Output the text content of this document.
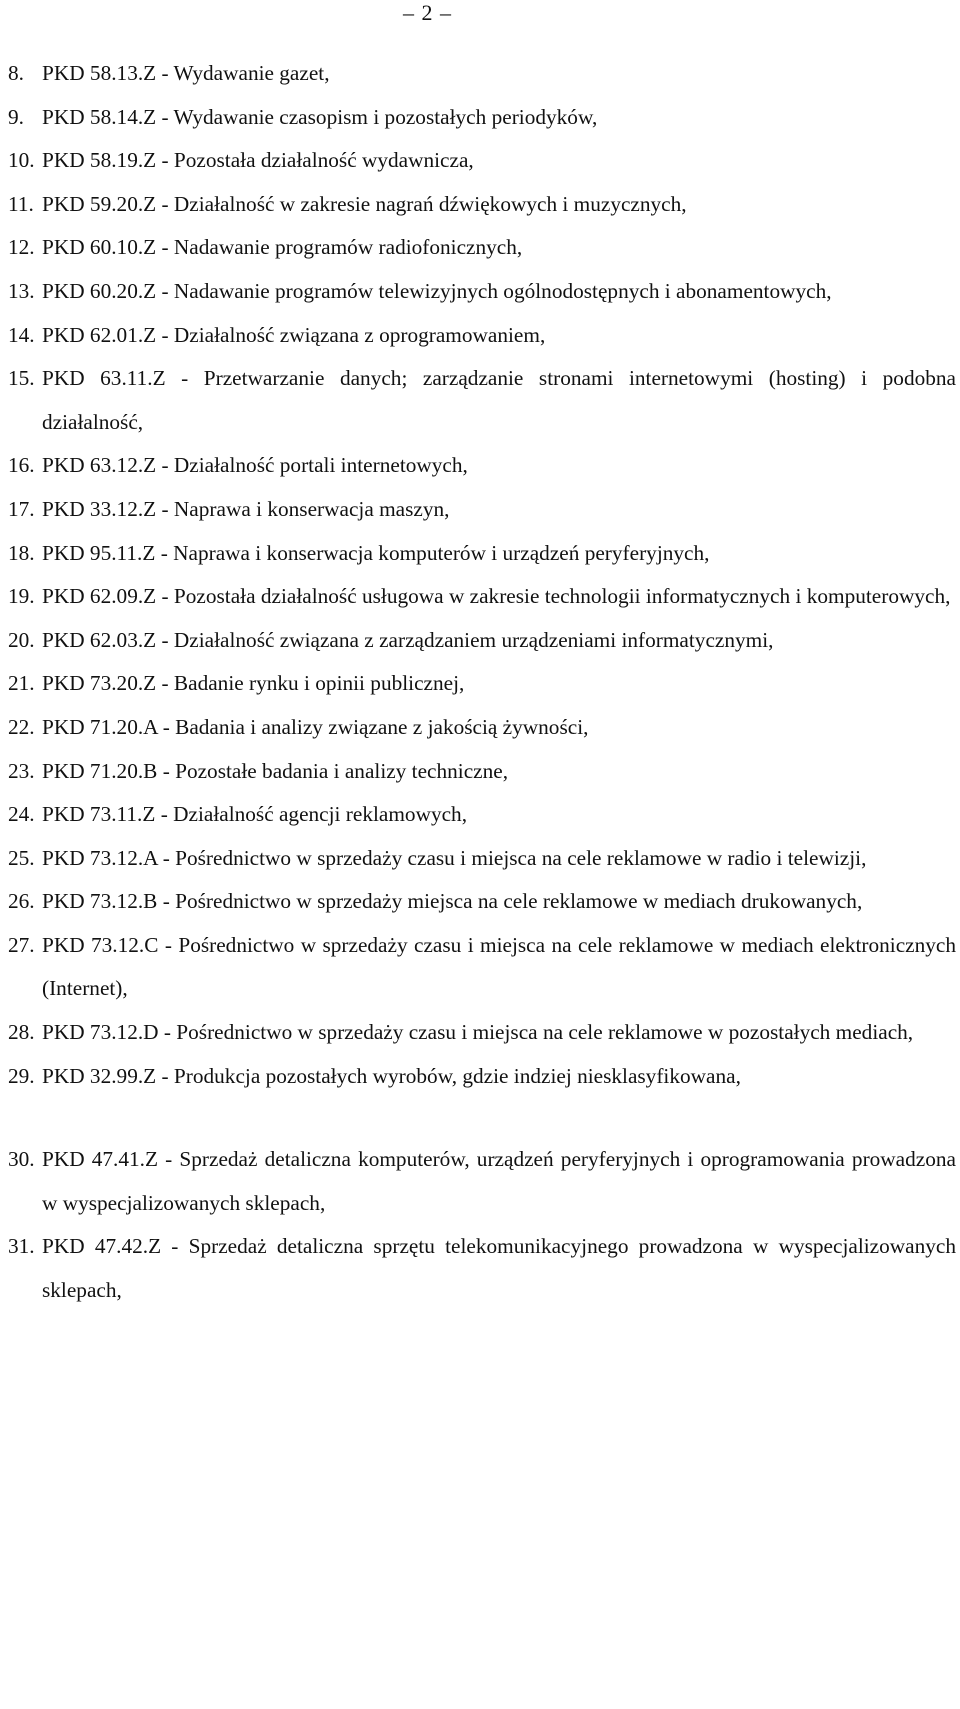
– 2 –
8. PKD 58.13.Z - Wydawanie gazet,
9. PKD 58.14.Z - Wydawanie czasopism i pozostałych periodyków,
10. PKD 58.19.Z - Pozostała działalność wydawnicza,
11. PKD 59.20.Z - Działalność w zakresie nagrań dźwiękowych i muzycznych,
12. PKD 60.10.Z - Nadawanie programów radiofonicznych,
13. PKD 60.20.Z - Nadawanie programów telewizyjnych ogólnodostępnych i abonamentowych,
14. PKD 62.01.Z - Działalność związana z oprogramowaniem,
15. PKD 63.11.Z - Przetwarzanie danych; zarządzanie stronami internetowymi (hosting) i podobna działalność,
16. PKD 63.12.Z - Działalność portali internetowych,
17. PKD 33.12.Z - Naprawa i konserwacja maszyn,
18. PKD 95.11.Z - Naprawa i konserwacja komputerów i urządzeń peryferyjnych,
19. PKD 62.09.Z - Pozostała działalność usługowa w zakresie technologii informatycznych i komputerowych,
20. PKD 62.03.Z - Działalność związana z zarządzaniem urządzeniami informatycznymi,
21. PKD 73.20.Z - Badanie rynku i opinii publicznej,
22. PKD 71.20.A - Badania i analizy związane z jakością żywności,
23. PKD 71.20.B - Pozostałe badania i analizy techniczne,
24. PKD 73.11.Z - Działalność agencji reklamowych,
25. PKD 73.12.A - Pośrednictwo w sprzedaży czasu i miejsca na cele reklamowe w radio i telewizji,
26. PKD 73.12.B - Pośrednictwo w sprzedaży miejsca na cele reklamowe w mediach drukowanych,
27. PKD 73.12.C - Pośrednictwo w sprzedaży czasu i miejsca na cele reklamowe w mediach elektronicznych (Internet),
28. PKD 73.12.D - Pośrednictwo w sprzedaży czasu i miejsca na cele reklamowe w pozostałych mediach,
29. PKD 32.99.Z - Produkcja pozostałych wyrobów, gdzie indziej niesklasyfikowana,
30. PKD 47.41.Z - Sprzedaż detaliczna komputerów, urządzeń peryferyjnych i oprogramowania prowadzona w wyspecjalizowanych sklepach,
31. PKD 47.42.Z - Sprzedaż detaliczna sprzętu telekomunikacyjnego prowadzona w wyspecjalizowanych sklepach,
